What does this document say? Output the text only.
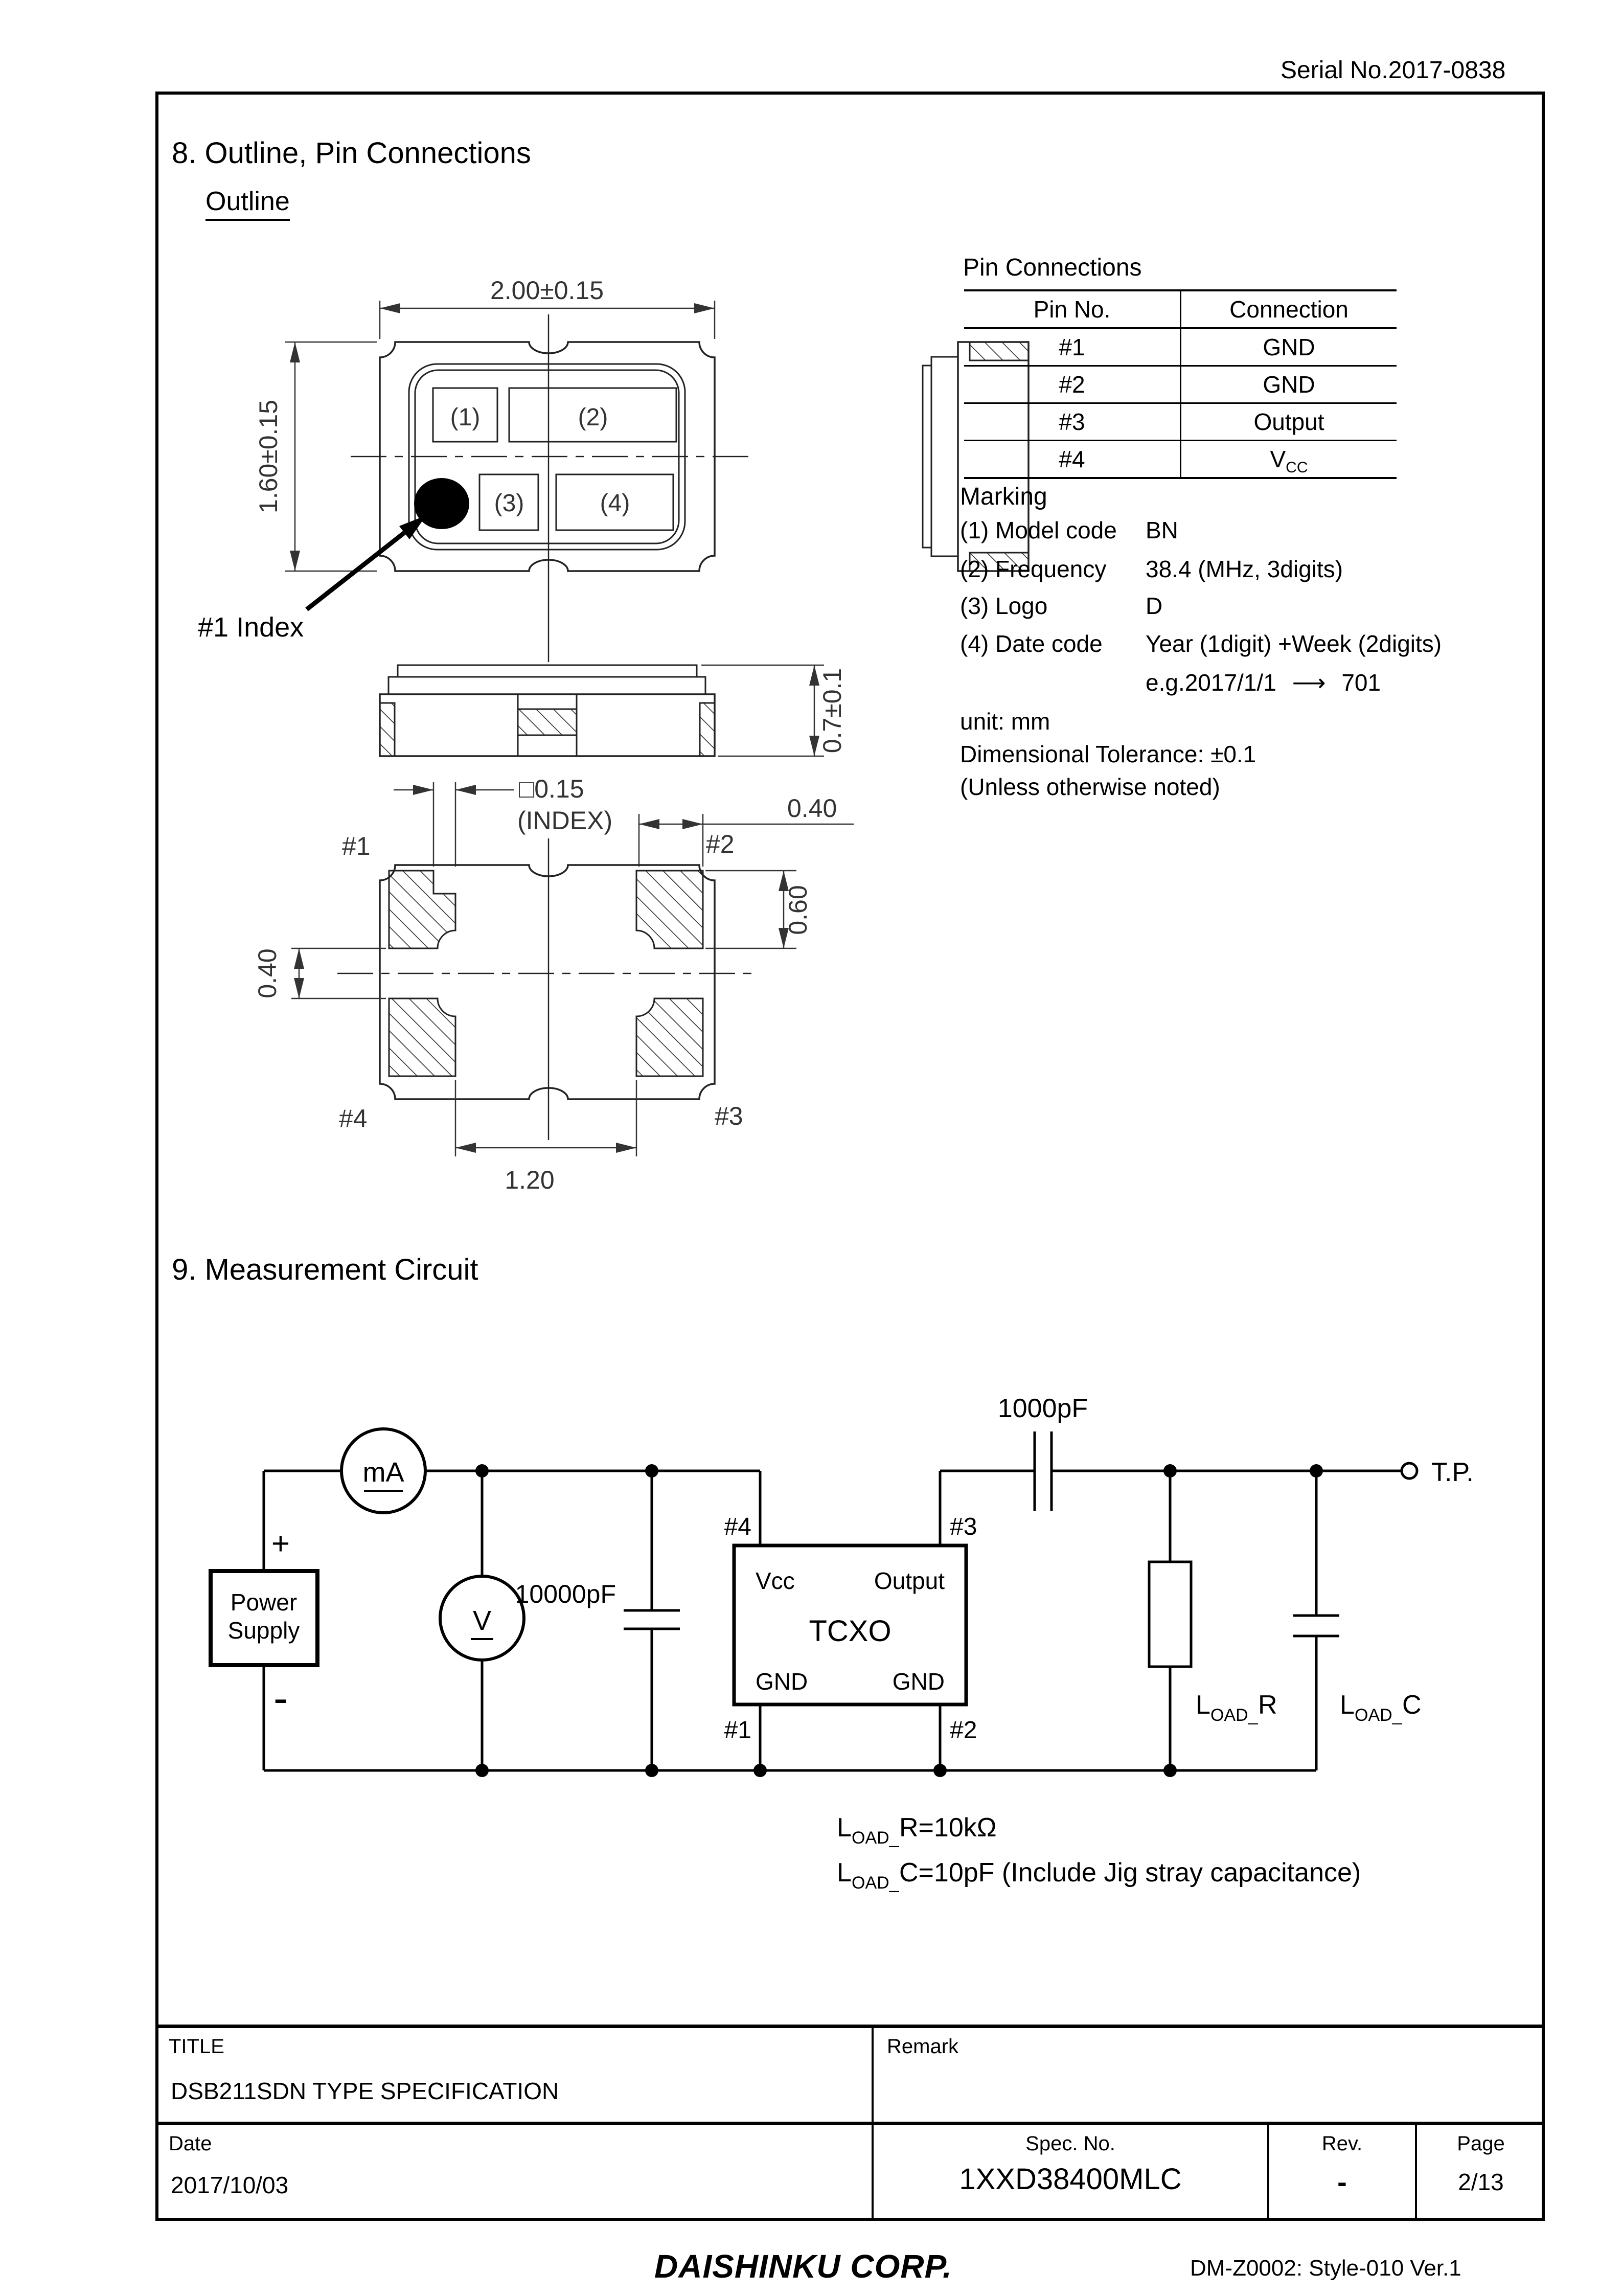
Serial No.2017-0838
8. Outline, Pin Connections
Outline
9. Measurement Circuit
(1)	(2)
(3)	(4)
2.00±0.15
1.60±0.15
#1 Index
0.7±0.1
□0.15
(INDEX)	0.40
#1	#2
0.40
0.60
#4	#3
1.20
mA
V
+
-
Power
Supply
10000pF
1000pF
TCXO
Vcc	Output
GND	GND
#4	#3
#1	#2
T.P.
L OAD_ R L OAD_ C
L OAD_ R=10kΩ
L OAD_ C=10pF (Include Jig stray capacitance)
Pin Connections
Pin No.	Connection
#1	GND
#2	GND
#3	Output
#4	$V_{CC}$
Marking
(1) Model code BN
(2) Frequency 38.4 (MHz, 3digits)
(3) Logo	D
(4) Date code Year (1digit) +Week (2digits)
e.g.2017/1/1 ⟶ 701
unit: mm
Dimensional Tolerance: ±0.1
(Unless otherwise noted)
TITLE
DSB211SDN TYPE SPECIFICATION
Remark
Date
2017/10/03
Spec. No.
1XXD38400MLC
Rev.
-
Page
2/13
DAISHINKU CORP.	DM-Z0002: Style-010 Ver.1
